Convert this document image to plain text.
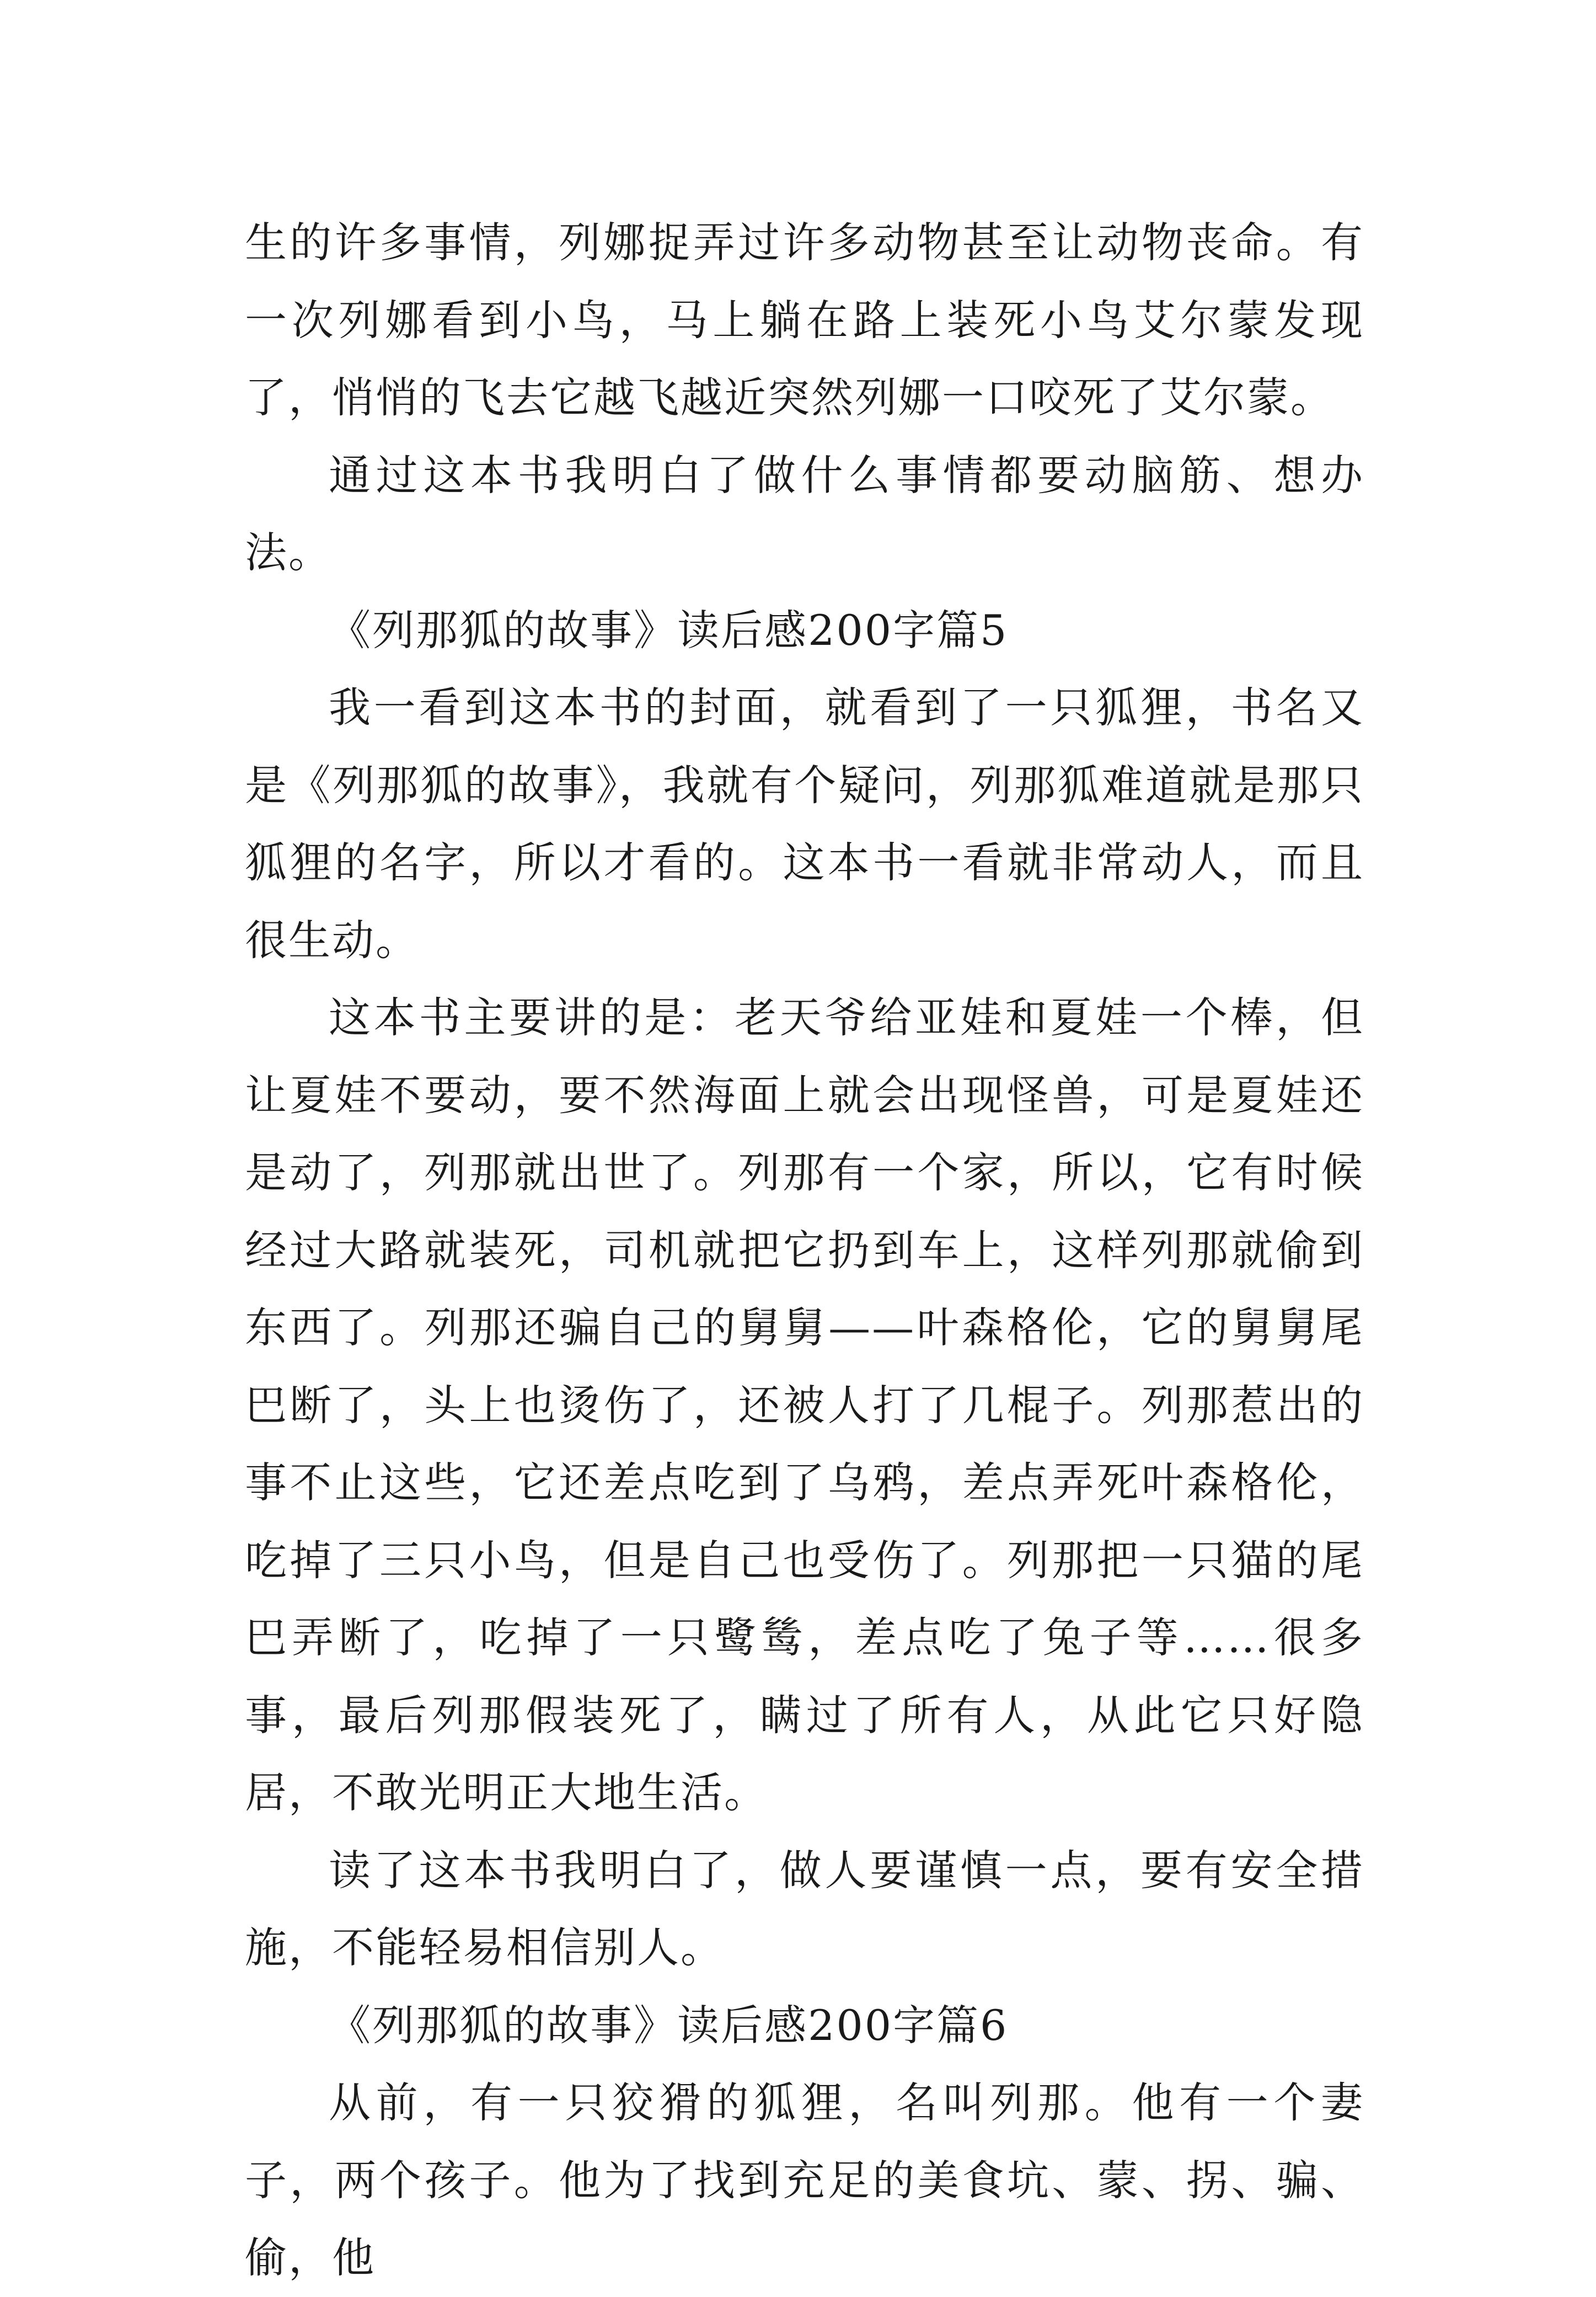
生的许多事情，列娜捉弄过许多动物甚至让动物丧命。有一次列娜看到小鸟，马上躺在路上装死小鸟艾尔蒙发现了，悄悄的飞去它越飞越近突然列娜一口咬死了艾尔蒙。

通过这本书我明白了做什么事情都要动脑筋、想办法。

《列那狐的故事》读后感200字篇5

我一看到这本书的封面，就看到了一只狐狸，书名又是《列那狐的故事》，我就有个疑问，列那狐难道就是那只狐狸的名字，所以才看的。这本书一看就非常动人，而且很生动。

这本书主要讲的是：老天爷给亚娃和夏娃一个棒，但让夏娃不要动，要不然海面上就会出现怪兽，可是夏娃还是动了，列那就出世了。列那有一个家，所以，它有时候经过大路就装死，司机就把它扔到车上，这样列那就偷到东西了。列那还骗自己的舅舅——叶森格伦，它的舅舅尾巴断了，头上也烫伤了，还被人打了几棍子。列那惹出的事不止这些，它还差点吃到了乌鸦，差点弄死叶森格伦，吃掉了三只小鸟，但是自己也受伤了。列那把一只猫的尾巴弄断了，吃掉了一只鹭鸶，差点吃了兔子等……很多事，最后列那假装死了，瞒过了所有人，从此它只好隐居，不敢光明正大地生活。

读了这本书我明白了，做人要谨慎一点，要有安全措施，不能轻易相信别人。

《列那狐的故事》读后感200字篇6

从前，有一只狡猾的狐狸，名叫列那。他有一个妻子，两个孩子。他为了找到充足的美食坑、蒙、拐、骗、偷，他
